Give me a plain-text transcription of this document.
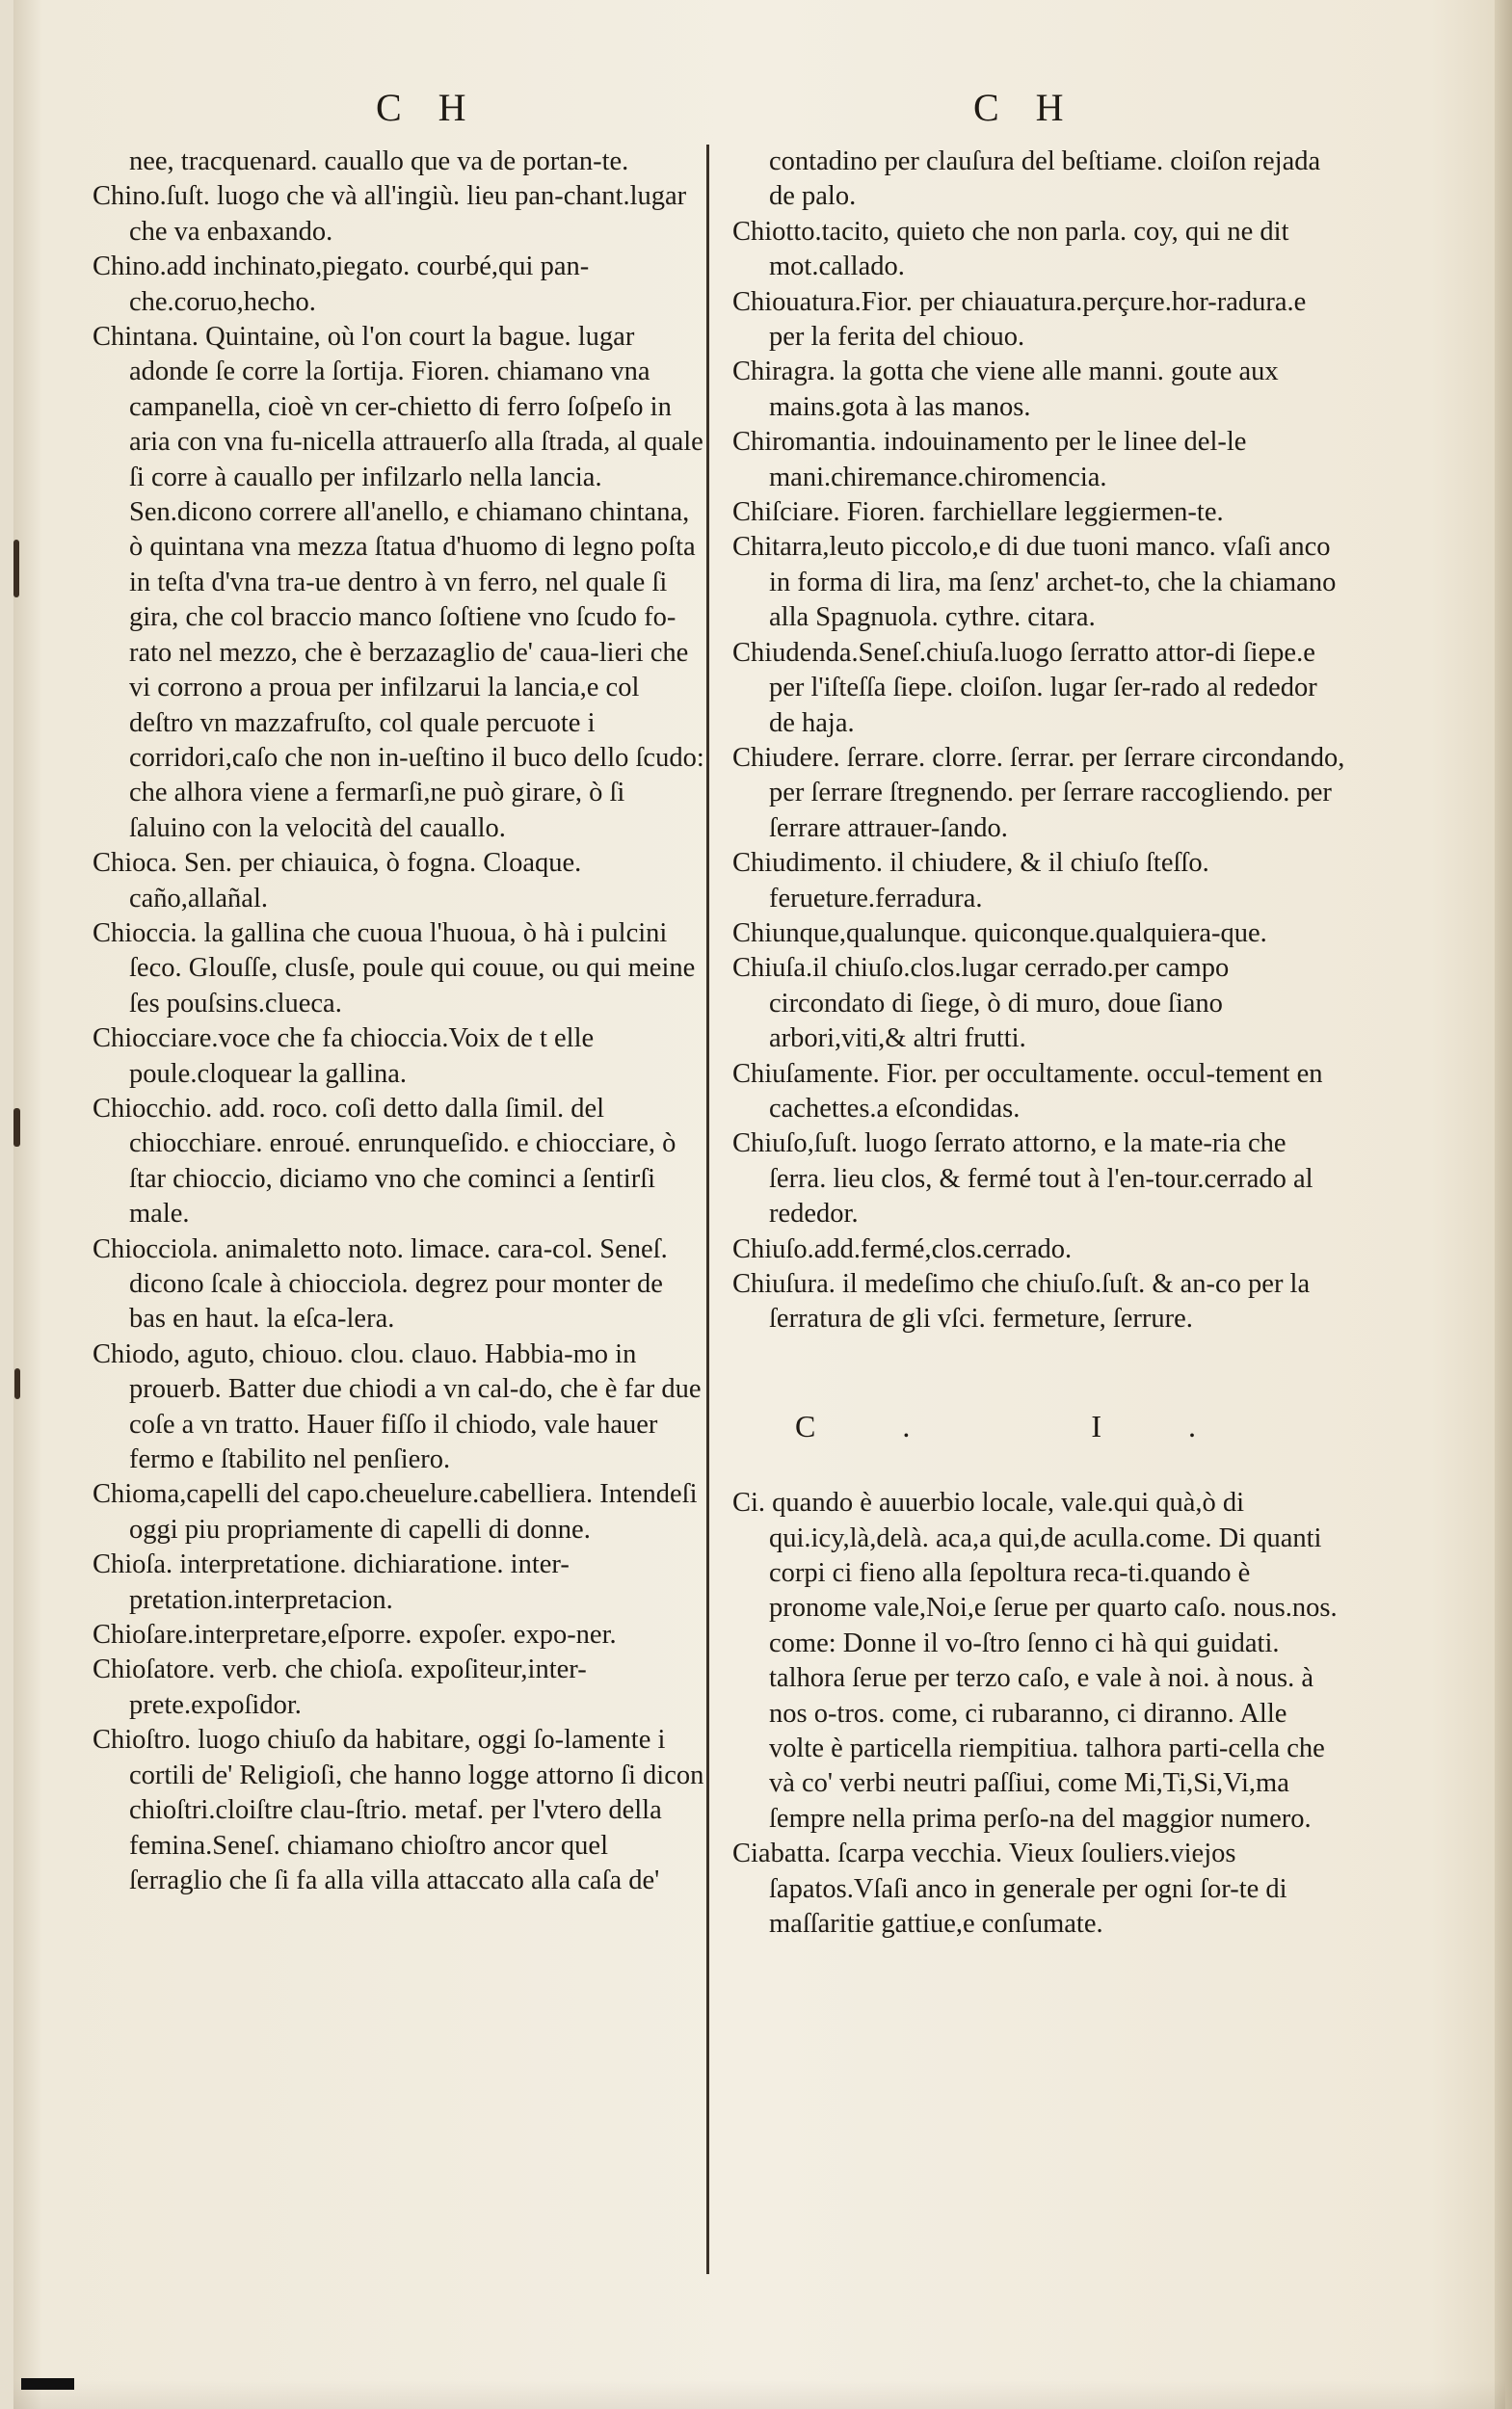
C H	C H

nee, tracquenard. cauallo que va de portan-te.

Chino.ſuſt. luogo che và all'ingiù. lieu pan-chant.lugar che va enbaxando.

Chino.add inchinato,piegato. courbé,qui pan-che.coruo,hecho.

Chintana. Quintaine, où l'on court la bague. lugar adonde ſe corre la ſortija. Fioren. chiamano vna campanella, cioè vn cer-chietto di ferro ſoſpeſo in aria con vna fu-nicella attrauerſo alla ſtrada, al quale ſi corre à cauallo per infilzarlo nella lancia. Sen.dicono correre all'anello, e chiamano chintana, ò quintana vna mezza ſtatua d'huomo di legno poſta in teſta d'vna tra-ue dentro à vn ferro, nel quale ſi gira, che col braccio manco ſoſtiene vno ſcudo fo-rato nel mezzo, che è berzazaglio de' caua-lieri che vi corrono a proua per infilzarui la lancia,e col deſtro vn mazzafruſto, col quale percuote i corridori,caſo che non in-ueſtino il buco dello ſcudo: che alhora viene a fermarſi,ne può girare, ò ſi ſaluino con la velocità del cauallo.

Chioca. Sen. per chiauica, ò fogna. Cloaque. caño,allañal.

Chioccia. la gallina che cuoua l'huoua, ò hà i pulcini ſeco. Glouſſe, clusſe, poule qui couue, ou qui meine ſes pouſsins.clueca.

Chiocciare.voce che fa chioccia.Voix de t elle poule.cloquear la gallina.

Chiocchio. add. roco. coſi detto dalla ſimil. del chiocchiare. enroué. enrunqueſido. e chiocciare, ò ſtar chioccio, diciamo vno che cominci a ſentirſi male.

Chiocciola. animaletto noto. limace. cara-col. Seneſ. dicono ſcale à chiocciola. degrez pour monter de bas en haut. la eſca-lera.

Chiodo, aguto, chiouo. clou. clauo. Habbia-mo in prouerb. Batter due chiodi a vn cal-do, che è far due coſe a vn tratto. Hauer fiſſo il chiodo, vale hauer fermo e ſtabilito nel penſiero.

Chioma,capelli del capo.cheuelure.cabelliera. Intendeſi oggi piu propriamente di capelli di donne.

Chioſa. interpretatione. dichiaratione. inter-pretation.interpretacion.

Chioſare.interpretare,eſporre. expoſer. expo-ner.

Chioſatore. verb. che chioſa. expoſiteur,inter-prete.expoſidor.

Chioſtro. luogo chiuſo da habitare, oggi ſo-lamente i cortili de' Religioſi, che hanno logge attorno ſi dicon chioſtri.cloiſtre clau-ſtrio. metaf. per l'vtero della femina.Seneſ. chiamano chioſtro ancor quel ſerraglio che ſi fa alla villa attaccato alla caſa de'

contadino per clauſura del beſtiame. cloiſon rejada de palo.

Chiotto.tacito, quieto che non parla. coy, qui ne dit mot.callado.

Chiouatura.Fior. per chiauatura.perçure.hor-radura.e per la ferita del chiouo.

Chiragra. la gotta che viene alle manni. goute aux mains.gota à las manos.

Chiromantia. indouinamento per le linee del-le mani.chiremance.chiromencia.

Chiſciare. Fioren. farchiellare leggiermen-te.

Chitarra,leuto piccolo,e di due tuoni manco. vſaſi anco in forma di lira, ma ſenz' archet-to, che la chiamano alla Spagnuola. cythre. citara.

Chiudenda.Seneſ.chiuſa.luogo ſerratto attor-di ſiepe.e per l'iſteſſa ſiepe. cloiſon. lugar ſer-rado al rededor de haja.

Chiudere. ſerrare. clorre. ſerrar. per ſerrare circondando, per ſerrare ſtregnendo. per ſerrare raccogliendo. per ſerrare attrauer-ſando.

Chiudimento. il chiudere, & il chiuſo ſteſſo. ferueture.ferradura.

Chiunque,qualunque. quiconque.qualquiera-que.

Chiuſa.il chiuſo.clos.lugar cerrado.per campo circondato di ſiege, ò di muro, doue ſiano arbori,viti,& altri frutti.

Chiuſamente. Fior. per occultamente. occul-tement en cachettes.a eſcondidas.

Chiuſo,ſuſt. luogo ſerrato attorno, e la mate-ria che ſerra. lieu clos, & fermé tout à l'en-tour.cerrado al rededor.

Chiuſo.add.fermé,clos.cerrado.

Chiuſura. il medeſimo che chiuſo.ſuſt. & an-co per la ſerratura de gli vſci. fermeture, ſerrure.

C. I.

Ci. quando è auuerbio locale, vale.qui quà,ò di qui.icy,là,delà. aca,a qui,de aculla.come. Di quanti corpi ci fieno alla ſepoltura reca-ti.quando è pronome vale,Noi,e ſerue per quarto caſo. nous.nos. come: Donne il vo-ſtro ſenno ci hà qui guidati. talhora ſerue per terzo caſo, e vale à noi. à nous. à nos o-tros. come, ci rubaranno, ci diranno. Alle volte è particella riempitiua. talhora parti-cella che và co' verbi neutri paſſiui, come Mi,Ti,Si,Vi,ma ſempre nella prima perſo-na del maggior numero.

Ciabatta. ſcarpa vecchia. Vieux ſouliers.viejos ſapatos.Vſaſi anco in generale per ogni ſor-te di maſſaritie gattiue,e conſumate.
